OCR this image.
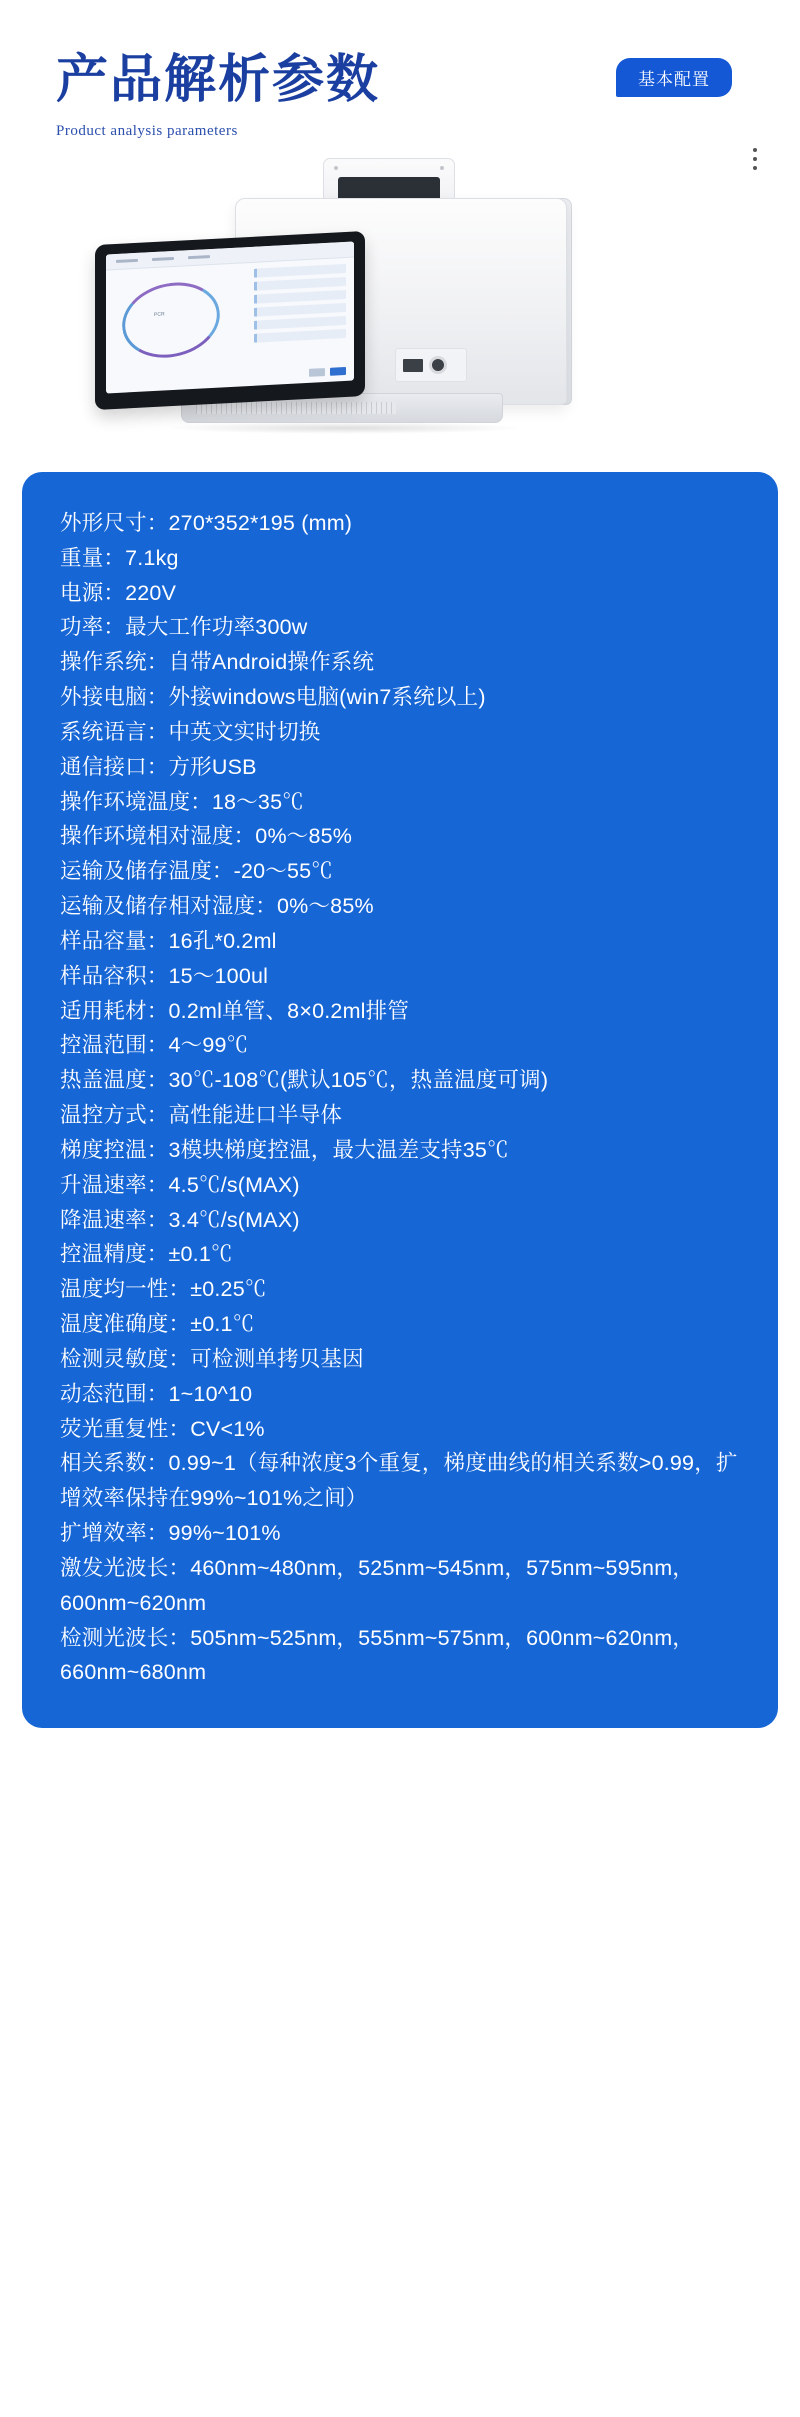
产品解析参数
Product analysis parameters
基本配置
PCR
外形尺寸：270*352*195 (mm)
重量：7.1kg
电源：220V
功率：最大工作功率300w
操作系统：自带Android操作系统
外接电脑：外接windows电脑(win7系统以上)
系统语言：中英文实时切换
通信接口：方形USB
操作环境温度：18～35℃
操作环境相对湿度：0%～85%
运输及储存温度：-20～55℃
运输及储存相对湿度：0%～85%
样品容量：16孔*0.2ml
样品容积：15～100ul
适用耗材：0.2ml单管、8×0.2ml排管
控温范围：4～99℃
热盖温度：30℃-108℃(默认105℃，热盖温度可调)
温控方式：高性能进口半导体
梯度控温：3模块梯度控温，最大温差支持35℃
升温速率：4.5℃/s(MAX)
降温速率：3.4℃/s(MAX)
控温精度：±0.1℃
温度均一性：±0.25℃
温度准确度：±0.1℃
检测灵敏度：可检测单拷贝基因
动态范围：1~10^10
荧光重复性：CV<1%
相关系数：0.99~1（每种浓度3个重复，梯度曲线的相关系数>0.99，扩增效率保持在99%~101%之间）
扩增效率：99%~101%
激发光波长：460nm~480nm，525nm~545nm，575nm~595nm，600nm~620nm
检测光波长：505nm~525nm，555nm~575nm，600nm~620nm，660nm~680nm
